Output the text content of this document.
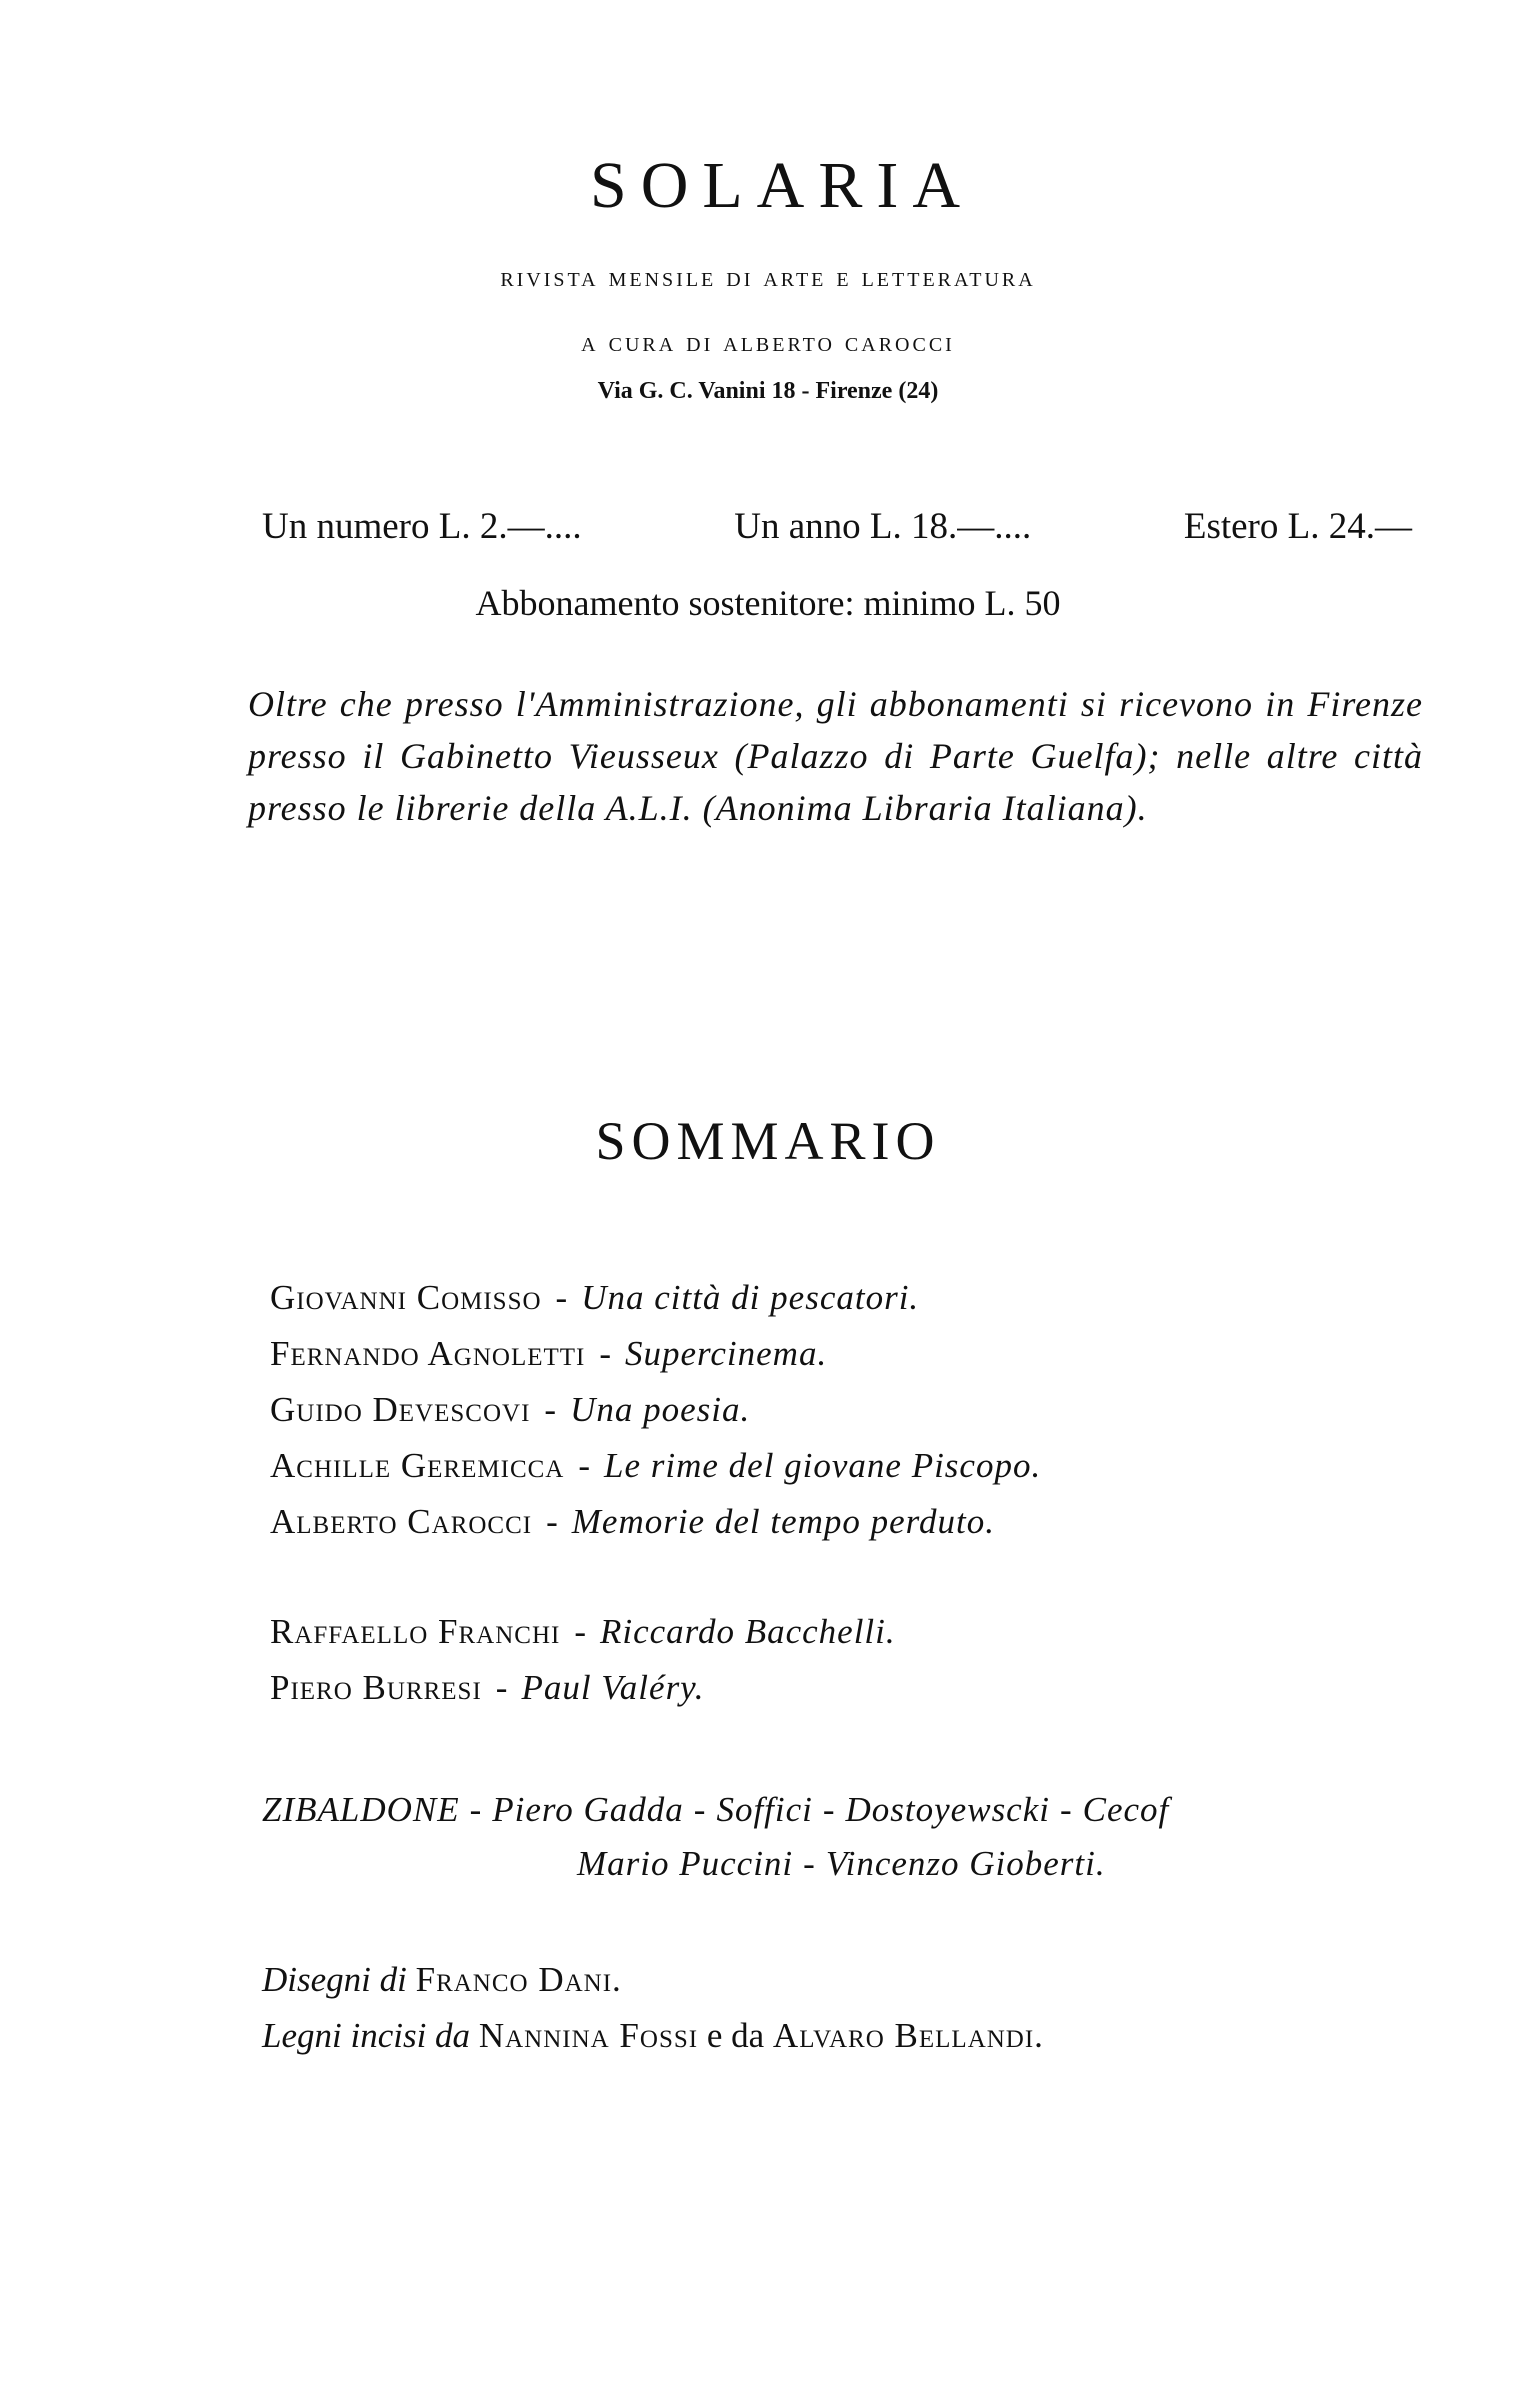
SOLARIA
rivista mensile di arte e letteratura
a cura di alberto carocci
Via G. C. Vanini 18 - Firenze (24)
Un numero L. 2.—....	Un anno L. 18.—....	Estero L. 24.—
Abbonamento sostenitore: minimo L. 50
Oltre che presso l'Amministrazione, gli abbonamenti si ricevono in Firenze presso il Gabinetto Vieusseux (Palazzo di Parte Guelfa); nelle altre città presso le librerie della A.L.I. (Anonima Libraria Italiana).
SOMMARIO
Giovanni Comisso - Una città di pescatori.
Fernando Agnoletti - Supercinema.
Guido Devescovi - Una poesia.
Achille Geremicca - Le rime del giovane Piscopo.
Alberto Carocci - Memorie del tempo perduto.
Raffaello Franchi - Riccardo Bacchelli.
Piero Burresi - Paul Valéry.
ZIBALDONE - Piero Gadda - Soffici - Dostoyewscki - Cecof
Mario Puccini - Vincenzo Gioberti.
Disegni di Franco Dani.
Legni incisi da Nannina Fossi e da Alvaro Bellandi.
